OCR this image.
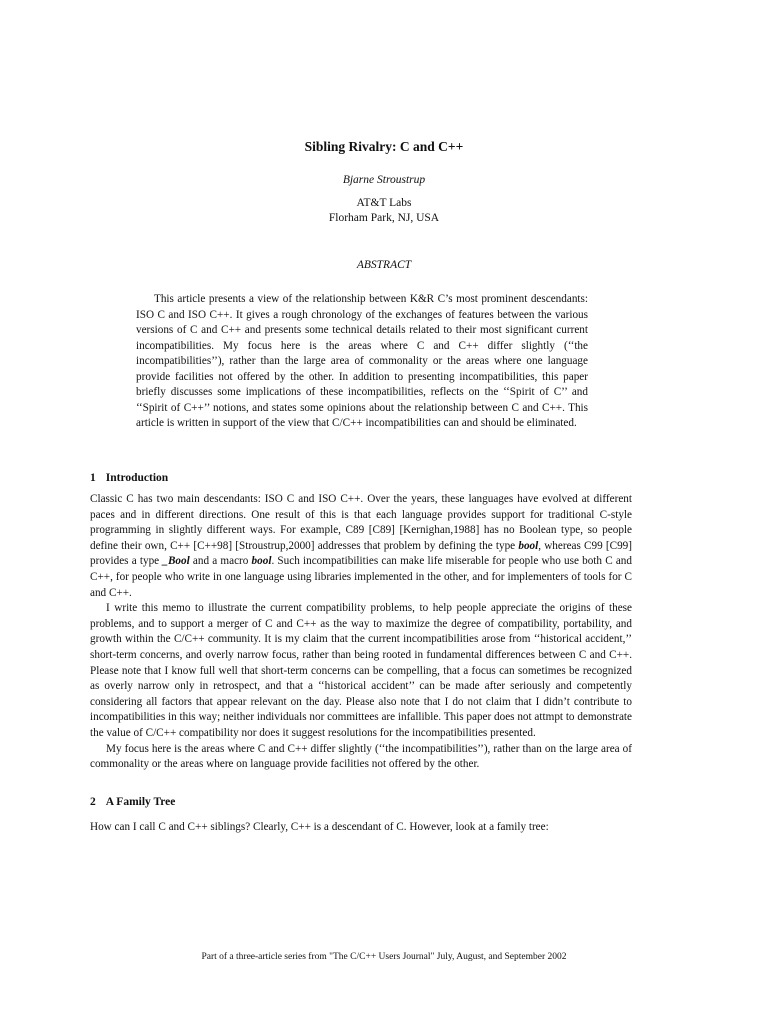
Sibling Rivalry: C and C++
Bjarne Stroustrup
AT&T Labs
Florham Park, NJ, USA
ABSTRACT

This article presents a view of the relationship between K&R C’s most prominent descendants: ISO C and ISO C++. It gives a rough chronology of the exchanges of features between the various versions of C and C++ and presents some technical details related to their most significant current incompatibilities. My focus here is the areas where C and C++ differ slightly (‘‘the incompatibilities’’), rather than the large area of commonality or the areas where one language provide facilities not offered by the other. In addition to presenting incompatibilities, this paper briefly discusses some implications of these incompatibilities, reflects on the ‘‘Spirit of C’’ and ‘‘Spirit of C++’’ notions, and states some opinions about the relationship between C and C++. This article is written in support of the view that C/C++ incompatibilities can and should be eliminated.

1 Introduction

Classic C has two main descendants: ISO C and ISO C++. Over the years, these languages have evolved at different paces and in different directions. One result of this is that each language provides support for traditional C-style programming in slightly different ways. For example, C89 [C89] [Kernighan,1988] has no Boolean type, so people define their own, C++ [C++98] [Stroustrup,2000] addresses that problem by defining the type bool, whereas C99 [C99] provides a type _Bool and a macro bool. Such incompatibilities can make life miserable for people who use both C and C++, for people who write in one language using libraries implemented in the other, and for implementers of tools for C and C++.

I write this memo to illustrate the current compatibility problems, to help people appreciate the origins of these problems, and to support a merger of C and C++ as the way to maximize the degree of compatibility, portability, and growth within the C/C++ community. It is my claim that the current incompatibilities arose from ‘‘historical accident,’’ short-term concerns, and overly narrow focus, rather than being rooted in fundamental differences between C and C++. Please note that I know full well that short-term concerns can be compelling, that a focus can sometimes be recognized as overly narrow only in retrospect, and that a ‘‘historical accident’’ can be made after seriously and competently considering all factors that appear relevant on the day. Please also note that I do not claim that I didn’t contribute to incompatibilities in this way; neither individuals nor committees are infallible. This paper does not attmpt to demonstrate the value of C/C++ compatibility nor does it suggest resolutions for the incompatibilities presented.

My focus here is the areas where C and C++ differ slightly (‘‘the incompatibilities’’), rather than on the large area of commonality or the areas where on language provide facilities not offered by the other.

2 A Family Tree

How can I call C and C++ siblings? Clearly, C++ is a descendant of C. However, look at a family tree:

Part of a three-article series from "The C/C++ Users Journal" July, August, and September 2002
